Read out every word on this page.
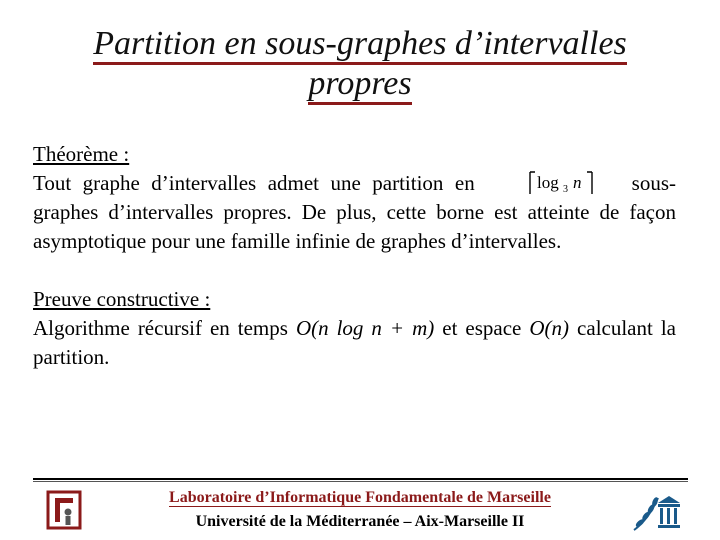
Partition en sous-graphes d’intervalles
propres
Théorème :
Tout graphe d’intervalles admet une partition en	log 3 n sous-graphes d’intervalles propres. De plus, cette borne est atteinte de façon asymptotique pour une famille infinie de graphes d’intervalles.
Preuve constructive :
Algorithme récursif en temps O(n log n + m) et espace O(n) calculant la partition.
Laboratoire d’Informatique Fondamentale de Marseille
Université de la Méditerranée – Aix-Marseille II
